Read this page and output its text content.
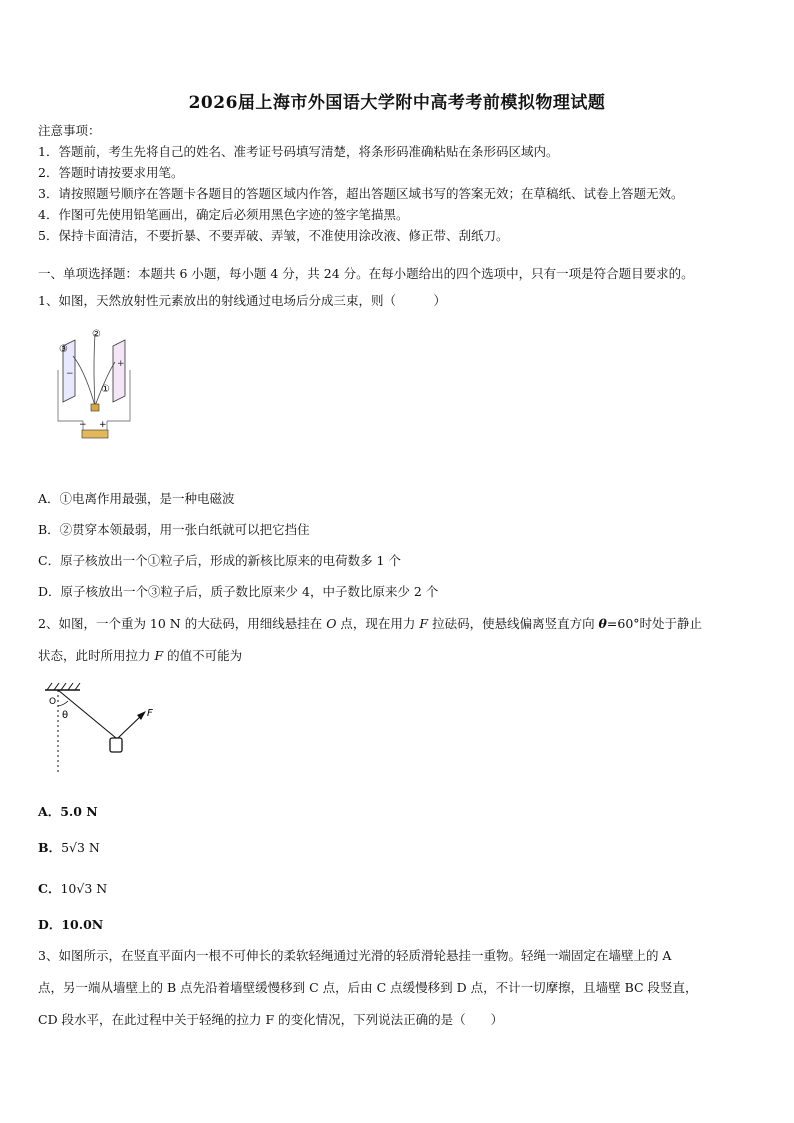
2026届上海市外国语大学附中高考考前模拟物理试题
注意事项：
1．答题前，考生先将自己的姓名、准考证号码填写清楚，将条形码准确粘贴在条形码区域内。
2．答题时请按要求用笔。
3．请按照题号顺序在答题卡各题目的答题区域内作答，超出答题区域书写的答案无效；在草稿纸、试卷上答题无效。
4．作图可先使用铅笔画出，确定后必须用黑色字迹的签字笔描黑。
5．保持卡面清洁，不要折暴、不要弄破、弄皱，不准使用涂改液、修正带、刮纸刀。
一、单项选择题：本题共 6 小题，每小题 4 分，共 24 分。在每小题给出的四个选项中，只有一项是符合题目要求的。
1、如图，天然放射性元素放出的射线通过电场后分成三束，则（　　　）
②
③
①
+
−
− +
A．①电离作用最强，是一种电磁波
B．②贯穿本领最弱，用一张白纸就可以把它挡住
C．原子核放出一个①粒子后，形成的新核比原来的电荷数多 1 个
D．原子核放出一个③粒子后，质子数比原来少 4，中子数比原来少 2 个
2、如图，一个重为 10 N 的大砝码，用细线悬挂在 O 点，现在用力 F 拉砝码，使悬线偏离竖直方向 θ=60°时处于静止
状态，此时所用拉力 F 的值不可能为
O
θ	F
A．5.0 N
B．5√3 N
C．10√3 N
D．10.0N
3、如图所示，在竖直平面内一根不可伸长的柔软轻绳通过光滑的轻质滑轮悬挂一重物。轻绳一端固定在墙壁上的 A
点，另一端从墙壁上的 B 点先沿着墙壁缓慢移到 C 点，后由 C 点缓慢移到 D 点，不计一切摩擦，且墙壁 BC 段竖直，
CD 段水平，在此过程中关于轻绳的拉力 F 的变化情况，下列说法正确的是（　　）
